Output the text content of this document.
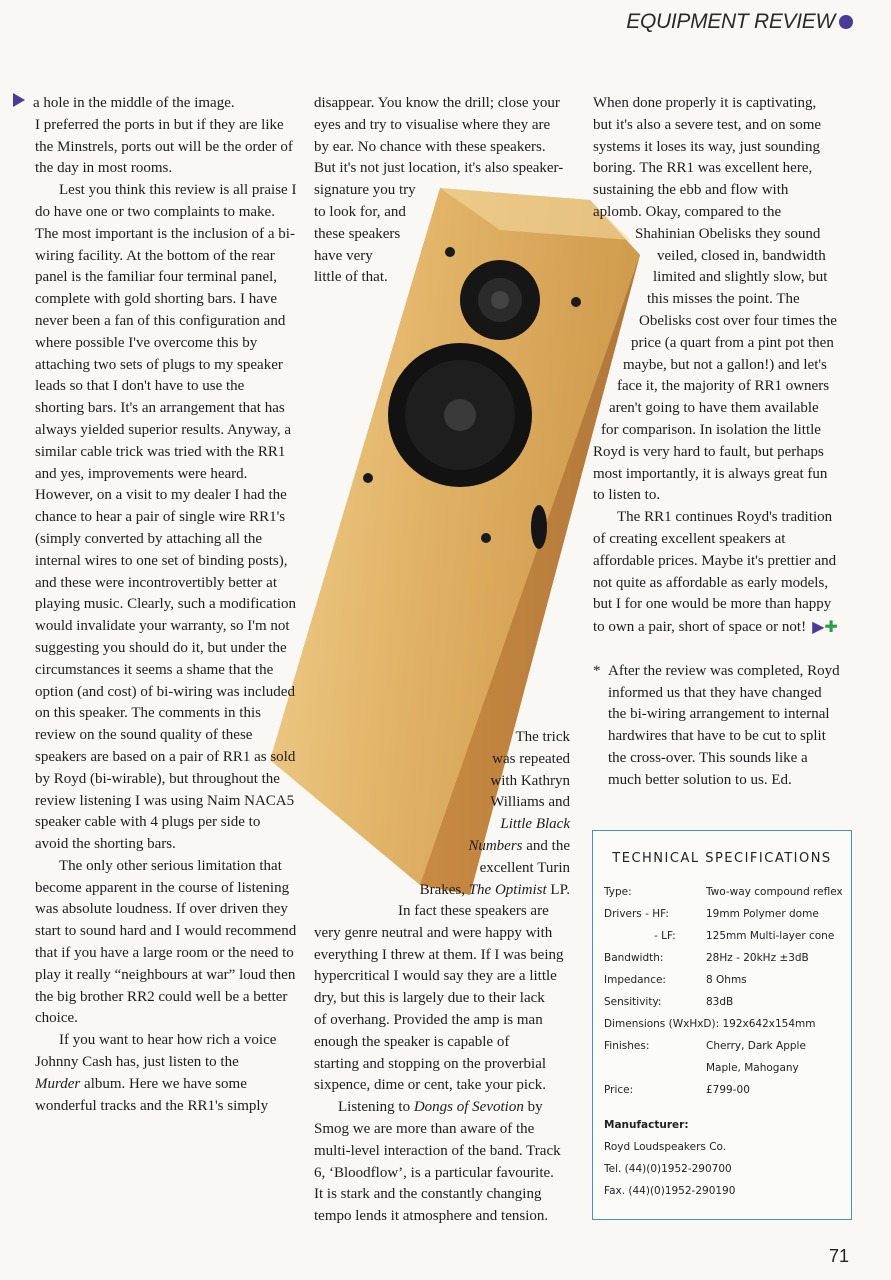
EQUIPMENT REVIEW

a hole in the middle of the image.

I preferred the ports in but if they are like the Minstrels, ports out will be the order of the day in most rooms.

Lest you think this review is all praise I do have one or two complaints to make. The most important is the inclusion of a bi-wiring facility. At the bottom of the rear panel is the familiar four terminal panel, complete with gold shorting bars. I have never been a fan of this configuration and where possible I've overcome this by attaching two sets of plugs to my speaker leads so that I don't have to use the shorting bars. It's an arrangement that has always yielded superior results. Anyway, a similar cable trick was tried with the RR1 and yes, improvements were heard. However, on a visit to my dealer I had the chance to hear a pair of single wire RR1's (simply converted by attaching all the internal wires to one set of binding posts), and these were incontrovertibly better at playing music. Clearly, such a modification would invalidate your warranty, so I'm not suggesting you should do it, but under the circumstances it seems a shame that the option (and cost) of bi-wiring was included on this speaker. The comments in this review on the sound quality of these speakers are based on a pair of RR1 as sold by Royd (bi-wirable), but throughout the review listening I was using Naim NACA5 speaker cable with 4 plugs per side to avoid the shorting bars.

The only other serious limitation that become apparent in the course of listening was absolute loudness. If over driven they start to sound hard and I would recommend that if you have a large room or the need to play it really “neighbours at war” loud then the big brother RR2 could well be a better choice.

If you want to hear how rich a voice Johnny Cash has, just listen to the
Murder album. Here we have some wonderful tracks and the RR1's simply

disappear. You know the drill; close your
eyes and try to visualise where they are
by ear. No chance with these speakers.
But it's not just location, it's also speaker-
signature you try
to look for, and
these speakers
have very
little of that.
The trick
was repeated
with Kathryn
Williams and
Little Black
Numbers and the
excellent Turin
Brakes, The Optimist LP.
In fact these speakers are
very genre neutral and were happy with
everything I threw at them. If I was being
hypercritical I would say they are a little
dry, but this is largely due to their lack
of overhang. Provided the amp is man
enough the speaker is capable of
starting and stopping on the proverbial
sixpence, dime or cent, take your pick.
Listening to Dongs of Sevotion by
Smog we are more than aware of the
multi-level interaction of the band. Track
6, ‘Bloodflow’, is a particular favourite.
It is stark and the constantly changing
tempo lends it atmosphere and tension.
When done properly it is captivating,
but it's also a severe test, and on some
systems it loses its way, just sounding
boring. The RR1 was excellent here,
sustaining the ebb and flow with
aplomb. Okay, compared to the
Shahinian Obelisks they sound
veiled, closed in, bandwidth
limited and slightly slow, but
this misses the point. The
Obelisks cost over four times the
price (a quart from a pint pot then
maybe, but not a gallon!) and let's
face it, the majority of RR1 owners
aren't going to have them available
for comparison. In isolation the little
Royd is very hard to fault, but perhaps
most importantly, it is always great fun
to listen to.
The RR1 continues Royd's tradition
of creating excellent speakers at
affordable prices. Maybe it's prettier and
not quite as affordable as early models,
but I for one would be more than happy
to own a pair, short of space or not! ▶✚
* After the review was completed, Royd
informed us that they have changed
the bi-wiring arrangement to internal
hardwires that have to be cut to split
the cross-over. This sounds like a
much better solution to us. Ed.
TECHNICAL SPECIFICATIONS
Type:	Two-way compound reflex
Drivers - HF:	19mm Polymer dome
- LF:	125mm Multi-layer cone
Bandwidth:	28Hz - 20kHz ±3dB
Impedance:	8 Ohms
Sensitivity:	83dB
Dimensions (WxHxD): 192x642x154mm
Finishes:	Cherry, Dark Apple
Maple, Mahogany
Price:	£799-00
Manufacturer:
Royd Loudspeakers Co.
Tel. (44)(0)1952-290700
Fax. (44)(0)1952-290190
71
